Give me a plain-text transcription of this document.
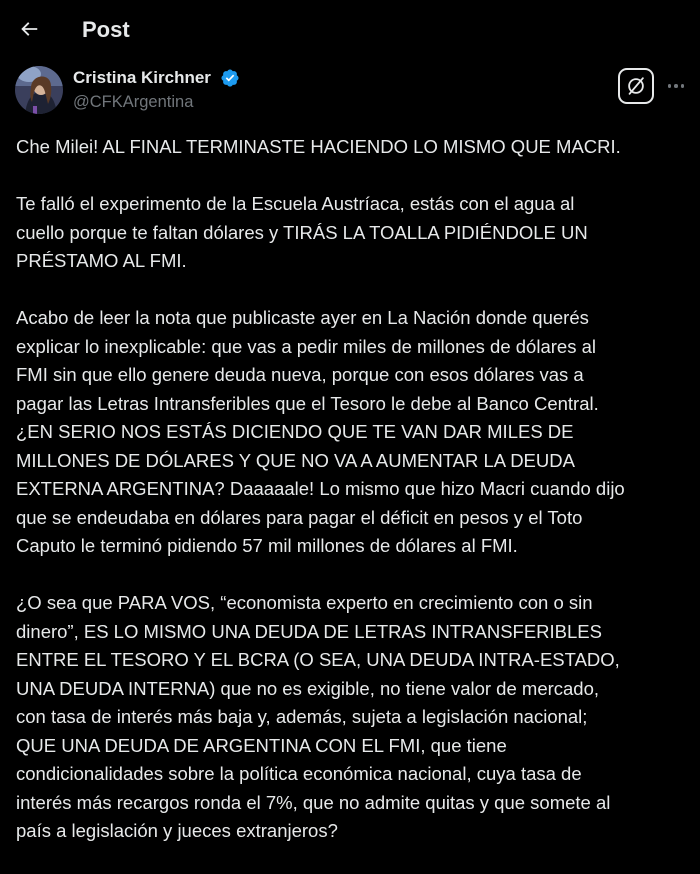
Post
Cristina Kirchner
@CFKArgentina

Che Milei! AL FINAL TERMINASTE HACIENDO LO MISMO QUE MACRI.

Te falló el experimento de la Escuela Austríaca, estás con el agua al
cuello porque te faltan dólares y TIRÁS LA TOALLA PIDIÉNDOLE UN
PRÉSTAMO AL FMI.

Acabo de leer la nota que publicaste ayer en La Nación donde querés
explicar lo inexplicable: que vas a pedir miles de millones de dólares al
FMI sin que ello genere deuda nueva, porque con esos dólares vas a
pagar las Letras Intransferibles que el Tesoro le debe al Banco Central.
¿EN SERIO NOS ESTÁS DICIENDO QUE TE VAN DAR MILES DE
MILLONES DE DÓLARES Y QUE NO VA A AUMENTAR LA DEUDA
EXTERNA ARGENTINA? Daaaaale! Lo mismo que hizo Macri cuando dijo
que se endeudaba en dólares para pagar el déficit en pesos y el Toto
Caputo le terminó pidiendo 57 mil millones de dólares al FMI.

¿O sea que PARA VOS, “economista experto en crecimiento con o sin
dinero”, ES LO MISMO UNA DEUDA DE LETRAS INTRANSFERIBLES
ENTRE EL TESORO Y EL BCRA (O SEA, UNA DEUDA INTRA-ESTADO,
UNA DEUDA INTERNA) que no es exigible, no tiene valor de mercado,
con tasa de interés más baja y, además, sujeta a legislación nacional;
QUE UNA DEUDA DE ARGENTINA CON EL FMI, que tiene
condicionalidades sobre la política económica nacional, cuya tasa de
interés más recargos ronda el 7%, que no admite quitas y que somete al
país a legislación y jueces extranjeros?
